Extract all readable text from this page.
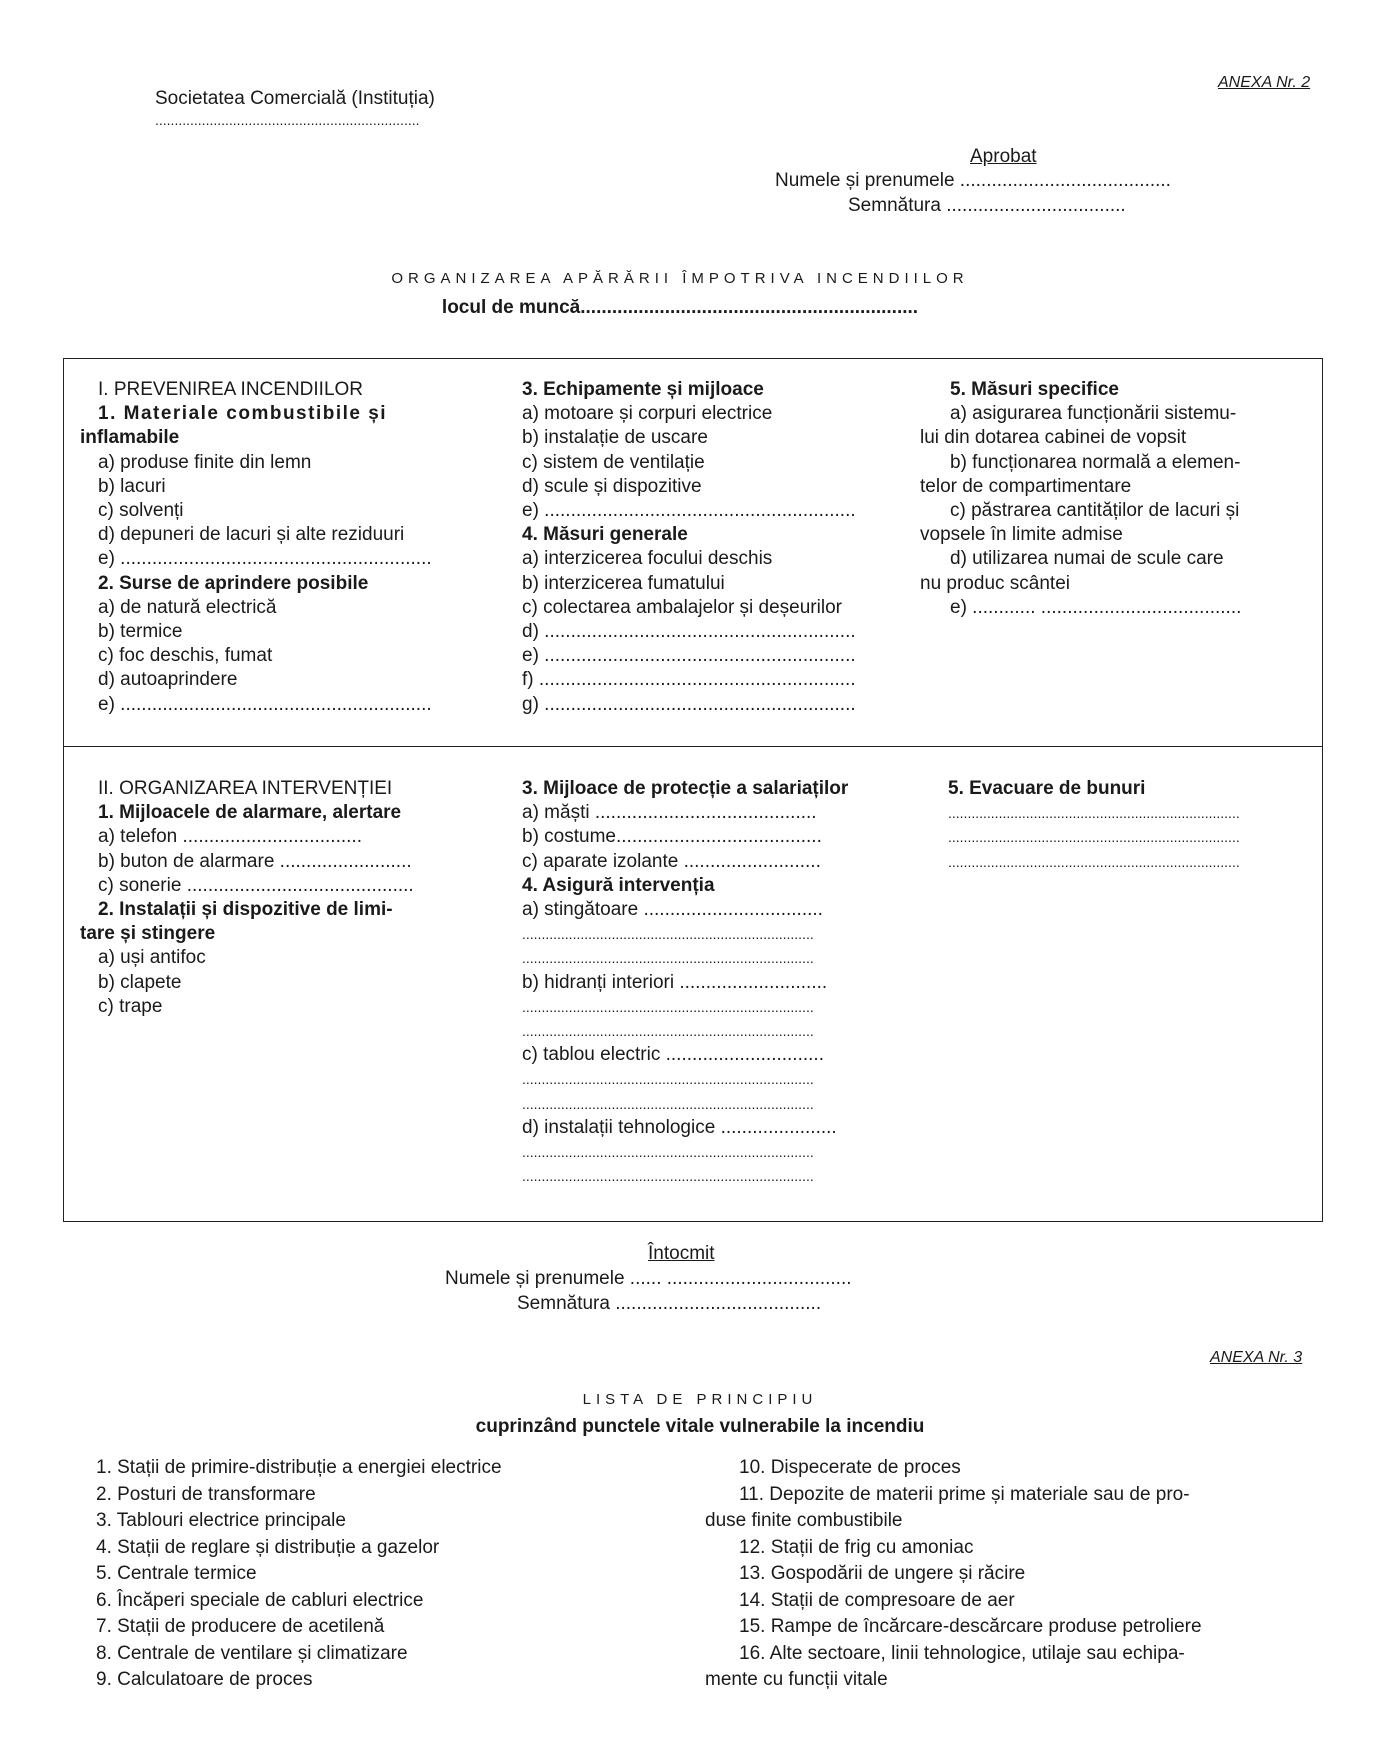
Societatea Comercială (Instituția)
....................................................................
ANEXA Nr. 2
Aprobat
Numele și prenumele ........................................
Semnătura ..................................
ORGANIZAREA APĂRĂRII ÎMPOTRIVA INCENDIILOR
locul de muncă................................................................
I. PREVENIREA INCENDIILOR
1. Materiale combustibile și
inflamabile
a) produse finite din lemn
b) lacuri
c) solvenți
d) depuneri de lacuri și alte reziduuri
e) ...........................................................
2. Surse de aprindere posibile
a) de natură electrică
b) termice
c) foc deschis, fumat
d) autoaprindere
e) ...........................................................
3. Echipamente și mijloace
a) motoare și corpuri electrice
b) instalație de uscare
c) sistem de ventilație
d) scule și dispozitive
e) ...........................................................
4. Măsuri generale
a) interzicerea focului deschis
b) interzicerea fumatului
c) colectarea ambalajelor și deșeurilor
d) ...........................................................
e) ...........................................................
f) ............................................................
g) ...........................................................
5. Măsuri specifice
a) asigurarea funcționării sistemu-
lui din dotarea cabinei de vopsit
b) funcționarea normală a elemen-
telor de compartimentare
c) păstrarea cantităților de lacuri și
vopsele în limite admise
d) utilizarea numai de scule care
nu produc scântei
e) ............ ......................................
II. ORGANIZAREA INTERVENȚIEI
1. Mijloacele de alarmare, alertare
a) telefon ..................................
b) buton de alarmare .........................
c) sonerie ...........................................
2. Instalații și dispozitive de limi-
tare și stingere
a) uși antifoc
b) clapete
c) trape
3. Mijloace de protecție a salariaților
a) măști ..........................................
b) costume.......................................
c) aparate izolante ..........................
4. Asigură intervenția
a) stingătoare ..................................
...........................................................................
...........................................................................
b) hidranți interiori ............................
...........................................................................
...........................................................................
c) tablou electric ..............................
...........................................................................
...........................................................................
d) instalații tehnologice ......................
...........................................................................
...........................................................................
5. Evacuare de bunuri
...........................................................................
...........................................................................
...........................................................................
Întocmit
Numele și prenumele ...... ...................................
Semnătura .......................................
ANEXA Nr. 3
LISTA DE PRINCIPIU
cuprinzând punctele vitale vulnerabile la incendiu
1. Stații de primire-distribuție a energiei electrice
2. Posturi de transformare
3. Tablouri electrice principale
4. Stații de reglare și distribuție a gazelor
5. Centrale termice
6. Încăperi speciale de cabluri electrice
7. Stații de producere de acetilenă
8. Centrale de ventilare și climatizare
9. Calculatoare de proces
10. Dispecerate de proces
11. Depozite de materii prime și materiale sau de pro-
duse finite combustibile
12. Stații de frig cu amoniac
13. Gospodării de ungere și răcire
14. Stații de compresoare de aer
15. Rampe de încărcare-descărcare produse petroliere
16. Alte sectoare, linii tehnologice, utilaje sau echipa-
mente cu funcții vitale
